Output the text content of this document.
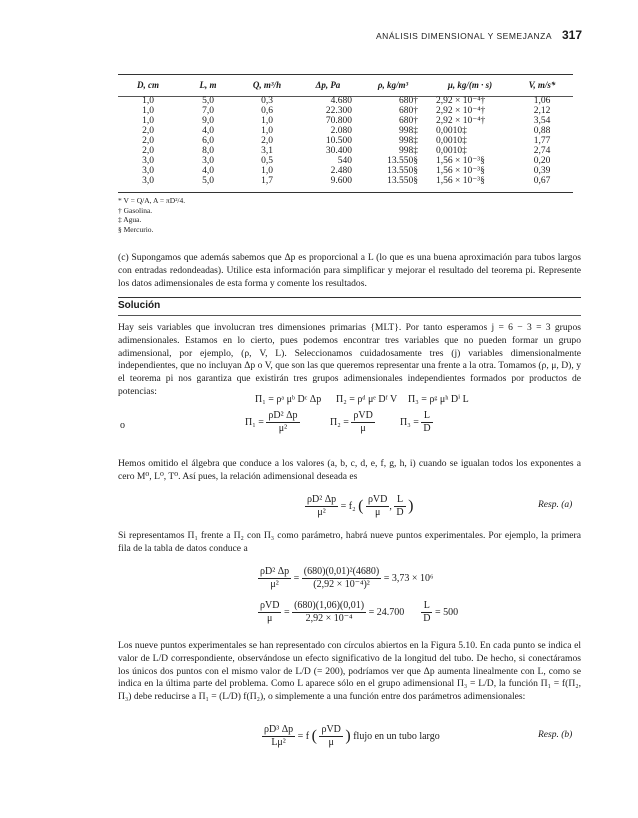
ANÁLISIS DIMENSIONAL Y SEMEJANZA 317
D, cm	L, m	Q, m³/h	Δp, Pa	ρ, kg/m³	μ, kg/(m · s)	V, m/s*
1,0	5,0	0,3	4.680	680†	2,92 × 10⁻⁴†	1,06
1,0	7,0	0,6	22.300	680†	2,92 × 10⁻⁴†	2,12
1,0	9,0	1,0	70.800	680†	2,92 × 10⁻⁴†	3,54
2,0	4,0	1,0	2.080	998‡	0,0010‡	0,88
2,0	6,0	2,0	10.500	998‡	0,0010‡	1,77
2,0	8,0	3,1	30.400	998‡	0,0010‡	2,74
3,0	3,0	0,5	540	13.550§	1,56 × 10⁻³§	0,20
3,0	4,0	1,0	2.480	13.550§	1,56 × 10⁻³§	0,39
3,0	5,0	1,7	9.600	13.550§	1,56 × 10⁻³§	0,67
* V = Q/A, A = πD²/4.
† Gasolina.
‡ Agua.
§ Mercurio.
(c) Supongamos que además sabemos que Δp es proporcional a L (lo que es una buena aproximación para tubos largos con entradas redondeadas). Utilice esta información para simplificar y mejorar el resultado del teorema pi. Represente los datos adimensionales de esta forma y comente los resultados.
Solución
Hay seis variables que involucran tres dimensiones primarias {MLT}. Por tanto esperamos j = 6 − 3 = 3 grupos adimensionales. Estamos en lo cierto, pues podemos encontrar tres variables que no pueden formar un grupo adimensional, por ejemplo, (ρ, V, L). Seleccionamos cuidadosamente tres (j) variables dimensionalmente independientes, que no incluyan Δp o V, que son las que queremos representar una frente a la otra. Tomamos (ρ, μ, D), y el teorema pi nos garantiza que existirán tres grupos adimensionales independientes formados por productos de potencias:
Π₁ = ρᵃ μᵇ Dᶜ Δp Π₂ = ρᵈ μᵉ Dᶠ V Π₃ = ρᵍ μʰ Dⁱ L
o	$\Pi_1 = \frac{\text{ρD² Δp}}{\text{μ²}}$	$\Pi_2 = \frac{\text{ρVD}}{\mu}$	$\Pi_3 = \frac{L}{D}$
Hemos omitido el álgebra que conduce a los valores (a, b, c, d, e, f, g, h, i) cuando se igualan todos los exponentes a cero M⁰, L⁰, T⁰. Así pues, la relación adimensional deseada es
$\frac{\text{ρD² Δp}}{\text{μ²}} = f_2$ ( $\frac{\text{ρVD}}{\mu}$ , $\frac{L}{D}$ )	Resp. (a)
Si representamos Π₁ frente a Π₂ con Π₃ como parámetro, habrá nueve puntos experimentales. Por ejemplo, la primera fila de la tabla de datos conduce a
$\frac{\text{ρD² Δp}}{\text{μ²}} = \frac{\text{(680)(0,01)²(4680)}}{\text{(2,92 × 10⁻⁴)²}} = 3,73 \times 10^6$
$\frac{\text{ρVD}}{\mu} = \frac{(680)(1,06)(0,01)}{\text{2,92 × 10⁻⁴}} = 24.700 \frac{L}{D} = 500$
Los nueve puntos experimentales se han representado con círculos abiertos en la Figura 5.10. En cada punto se indica el valor de L/D correspondiente, observándose un efecto significativo de la longitud del tubo. De hecho, si conectáramos los únicos dos puntos con el mismo valor de L/D (= 200), podríamos ver que Δp aumenta linealmente con L, como se indica en la última parte del problema. Como L aparece sólo en el grupo adimensional Π₃ = L/D, la función Π₁ = f(Π₂, Π₃) debe reducirse a Π₁ = (L/D) f(Π₂), o simplemente a una función entre dos parámetros adimensionales:
$\frac{\text{ρD³ Δp}}{\text{Lμ²}} = f$ ( $\frac{\text{ρVD}}{\mu}$ ) flujo en un tubo largo	Resp. (b)
